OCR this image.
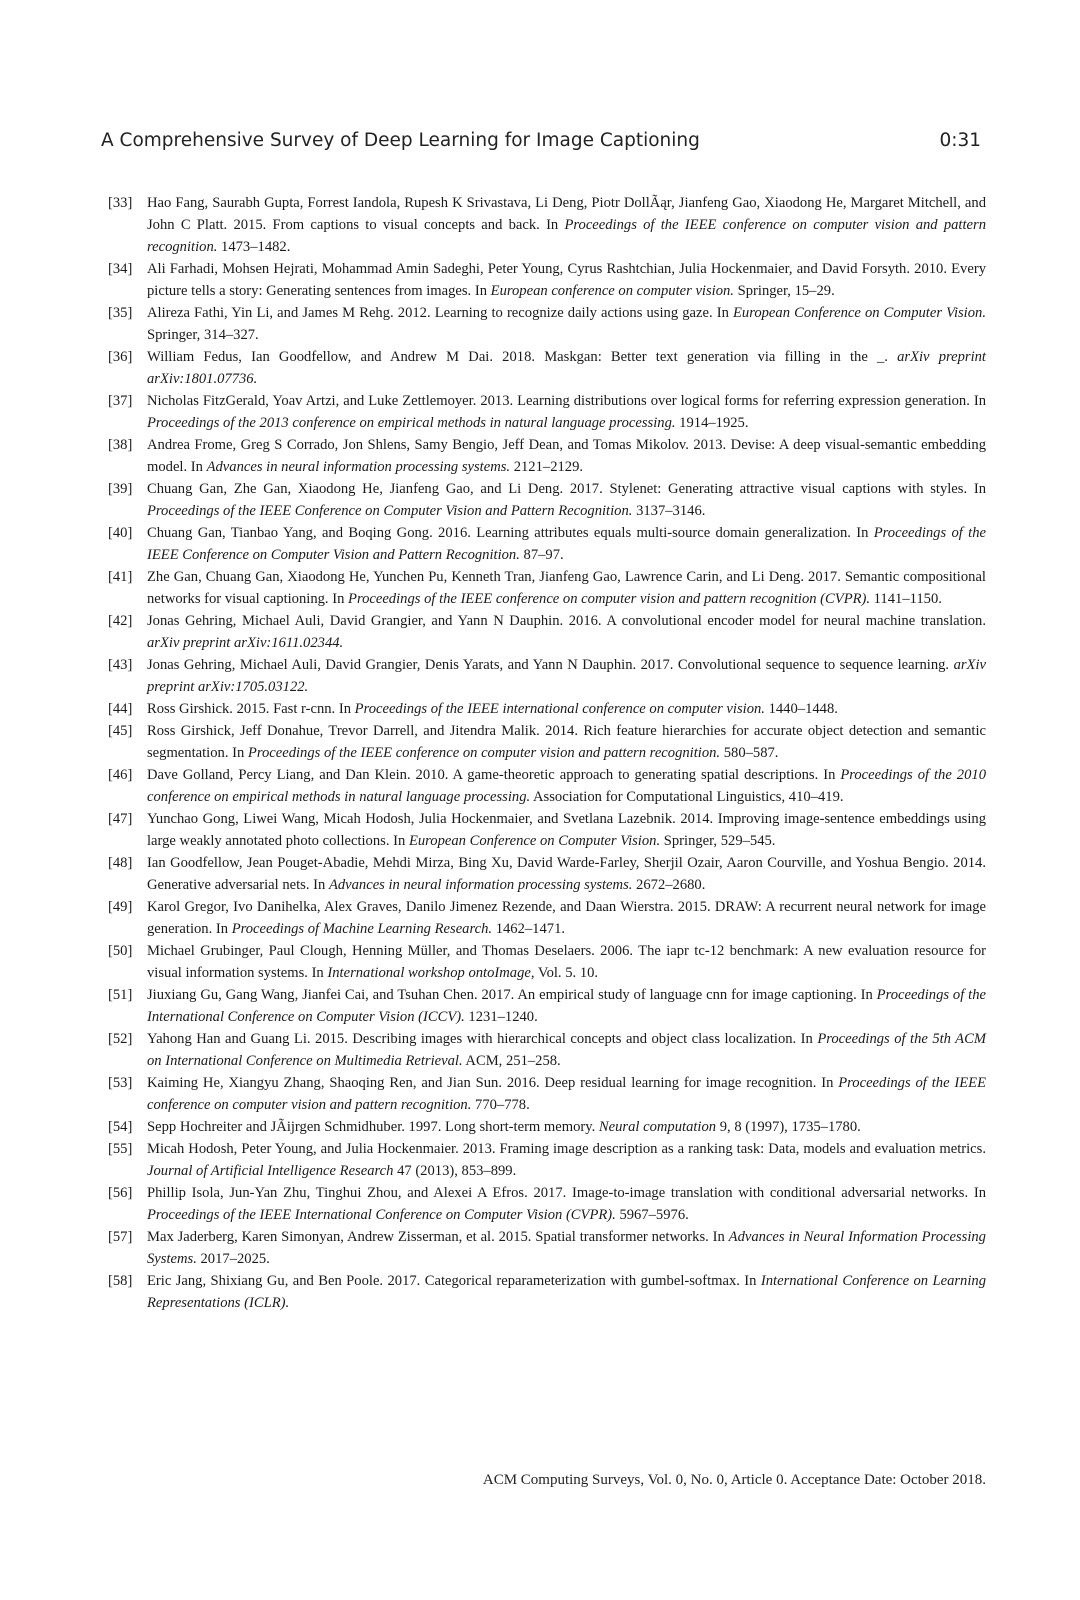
A Comprehensive Survey of Deep Learning for Image Captioning	0:31
[33]	Hao Fang, Saurabh Gupta, Forrest Iandola, Rupesh K Srivastava, Li Deng, Piotr DollÃąr, Jianfeng Gao, Xiaodong He, Margaret Mitchell, and John C Platt. 2015. From captions to visual concepts and back. In Proceedings of the IEEE conference on computer vision and pattern recognition. 1473–1482.
[34]	Ali Farhadi, Mohsen Hejrati, Mohammad Amin Sadeghi, Peter Young, Cyrus Rashtchian, Julia Hockenmaier, and David Forsyth. 2010. Every picture tells a story: Generating sentences from images. In European conference on computer vision. Springer, 15–29.
[35]	Alireza Fathi, Yin Li, and James M Rehg. 2012. Learning to recognize daily actions using gaze. In European Conference on Computer Vision. Springer, 314–327.
[36]	William Fedus, Ian Goodfellow, and Andrew M Dai. 2018. Maskgan: Better text generation via filling in the _. arXiv preprint arXiv:1801.07736.
[37]	Nicholas FitzGerald, Yoav Artzi, and Luke Zettlemoyer. 2013. Learning distributions over logical forms for referring expression generation. In Proceedings of the 2013 conference on empirical methods in natural language processing. 1914–1925.
[38]	Andrea Frome, Greg S Corrado, Jon Shlens, Samy Bengio, Jeff Dean, and Tomas Mikolov. 2013. Devise: A deep visual-semantic embedding model. In Advances in neural information processing systems. 2121–2129.
[39]	Chuang Gan, Zhe Gan, Xiaodong He, Jianfeng Gao, and Li Deng. 2017. Stylenet: Generating attractive visual captions with styles. In Proceedings of the IEEE Conference on Computer Vision and Pattern Recognition. 3137–3146.
[40]	Chuang Gan, Tianbao Yang, and Boqing Gong. 2016. Learning attributes equals multi-source domain generalization. In Proceedings of the IEEE Conference on Computer Vision and Pattern Recognition. 87–97.
[41]	Zhe Gan, Chuang Gan, Xiaodong He, Yunchen Pu, Kenneth Tran, Jianfeng Gao, Lawrence Carin, and Li Deng. 2017. Semantic compositional networks for visual captioning. In Proceedings of the IEEE conference on computer vision and pattern recognition (CVPR). 1141–1150.
[42]	Jonas Gehring, Michael Auli, David Grangier, and Yann N Dauphin. 2016. A convolutional encoder model for neural machine translation. arXiv preprint arXiv:1611.02344.
[43]	Jonas Gehring, Michael Auli, David Grangier, Denis Yarats, and Yann N Dauphin. 2017. Convolutional sequence to sequence learning. arXiv preprint arXiv:1705.03122.
[44]	Ross Girshick. 2015. Fast r-cnn. In Proceedings of the IEEE international conference on computer vision. 1440–1448.
[45]	Ross Girshick, Jeff Donahue, Trevor Darrell, and Jitendra Malik. 2014. Rich feature hierarchies for accurate object detection and semantic segmentation. In Proceedings of the IEEE conference on computer vision and pattern recognition. 580–587.
[46]	Dave Golland, Percy Liang, and Dan Klein. 2010. A game-theoretic approach to generating spatial descriptions. In Proceedings of the 2010 conference on empirical methods in natural language processing. Association for Computational Linguistics, 410–419.
[47]	Yunchao Gong, Liwei Wang, Micah Hodosh, Julia Hockenmaier, and Svetlana Lazebnik. 2014. Improving image-sentence embeddings using large weakly annotated photo collections. In European Conference on Computer Vision. Springer, 529–545.
[48]	Ian Goodfellow, Jean Pouget-Abadie, Mehdi Mirza, Bing Xu, David Warde-Farley, Sherjil Ozair, Aaron Courville, and Yoshua Bengio. 2014. Generative adversarial nets. In Advances in neural information processing systems. 2672–2680.
[49]	Karol Gregor, Ivo Danihelka, Alex Graves, Danilo Jimenez Rezende, and Daan Wierstra. 2015. DRAW: A recurrent neural network for image generation. In Proceedings of Machine Learning Research. 1462–1471.
[50]	Michael Grubinger, Paul Clough, Henning Müller, and Thomas Deselaers. 2006. The iapr tc-12 benchmark: A new evaluation resource for visual information systems. In International workshop ontoImage, Vol. 5. 10.
[51]	Jiuxiang Gu, Gang Wang, Jianfei Cai, and Tsuhan Chen. 2017. An empirical study of language cnn for image captioning. In Proceedings of the International Conference on Computer Vision (ICCV). 1231–1240.
[52]	Yahong Han and Guang Li. 2015. Describing images with hierarchical concepts and object class localization. In Proceedings of the 5th ACM on International Conference on Multimedia Retrieval. ACM, 251–258.
[53]	Kaiming He, Xiangyu Zhang, Shaoqing Ren, and Jian Sun. 2016. Deep residual learning for image recognition. In Proceedings of the IEEE conference on computer vision and pattern recognition. 770–778.
[54]	Sepp Hochreiter and JÃijrgen Schmidhuber. 1997. Long short-term memory. Neural computation 9, 8 (1997), 1735–1780.
[55]	Micah Hodosh, Peter Young, and Julia Hockenmaier. 2013. Framing image description as a ranking task: Data, models and evaluation metrics. Journal of Artificial Intelligence Research 47 (2013), 853–899.
[56]	Phillip Isola, Jun-Yan Zhu, Tinghui Zhou, and Alexei A Efros. 2017. Image-to-image translation with conditional adversarial networks. In Proceedings of the IEEE International Conference on Computer Vision (CVPR). 5967–5976.
[57]	Max Jaderberg, Karen Simonyan, Andrew Zisserman, et al. 2015. Spatial transformer networks. In Advances in Neural Information Processing Systems. 2017–2025.
[58]	Eric Jang, Shixiang Gu, and Ben Poole. 2017. Categorical reparameterization with gumbel-softmax. In International Conference on Learning Representations (ICLR).
ACM Computing Surveys, Vol. 0, No. 0, Article 0. Acceptance Date: October 2018.
